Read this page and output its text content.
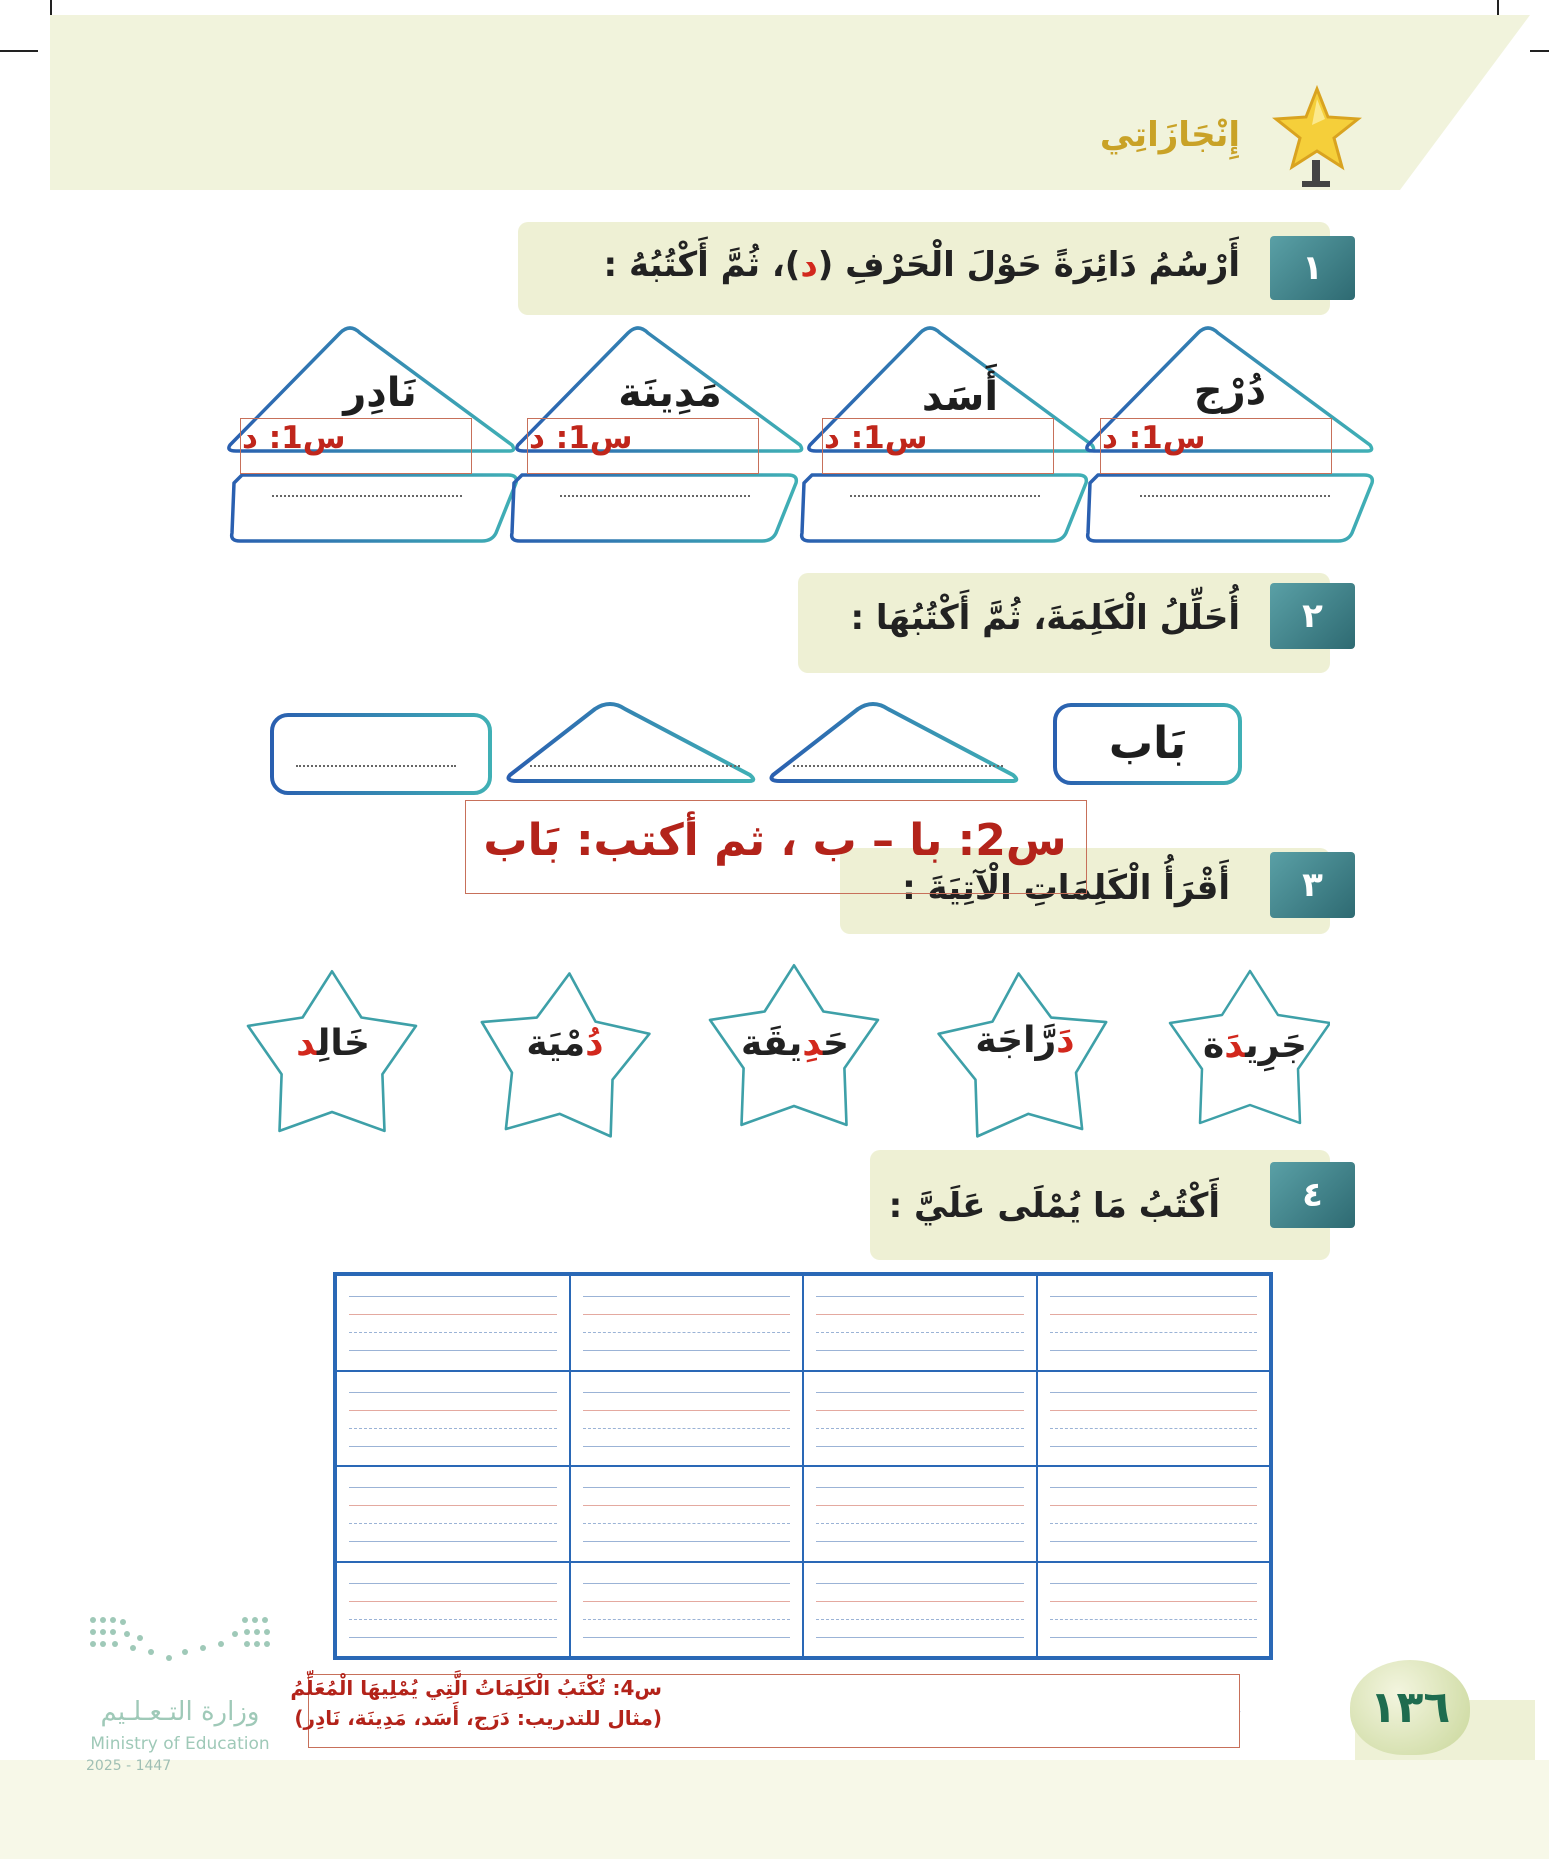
إِنْجَازَاتِي
١
أَرْسُمُ دَائِرَةً حَوْلَ الْحَرْفِ (د)، ثُمَّ أَكْتُبُهُ :
دُرْج
أَسَد
مَدِينَة
نَادِر
س1: د
س1: د
س1: د
س1: د
٢
أُحَلِّلُ الْكَلِمَةَ، ثُمَّ أَكْتُبُهَا :
بَاب
٣
أَقْرَأُ الْكَلِمَاتِ الْآتِيَةَ :
س2: با – ب ، ثم أكتب: بَاب
جَرِيدَة
دَرَّاجَة
حَدِيقَة
دُمْيَة
خَالِد
٤
أَكْتُبُ مَا يُمْلَى عَلَيَّ :
١٣٦
س4: تُكْتَبُ الْكَلِمَاتُ الَّتِي يُمْلِيهَا الْمُعَلِّمُ
(مثال للتدريب: دَرَج، أَسَد، مَدِينَة، نَادِر)
وزارة التـعـلـيم
Ministry of Education
2025 - 1447
